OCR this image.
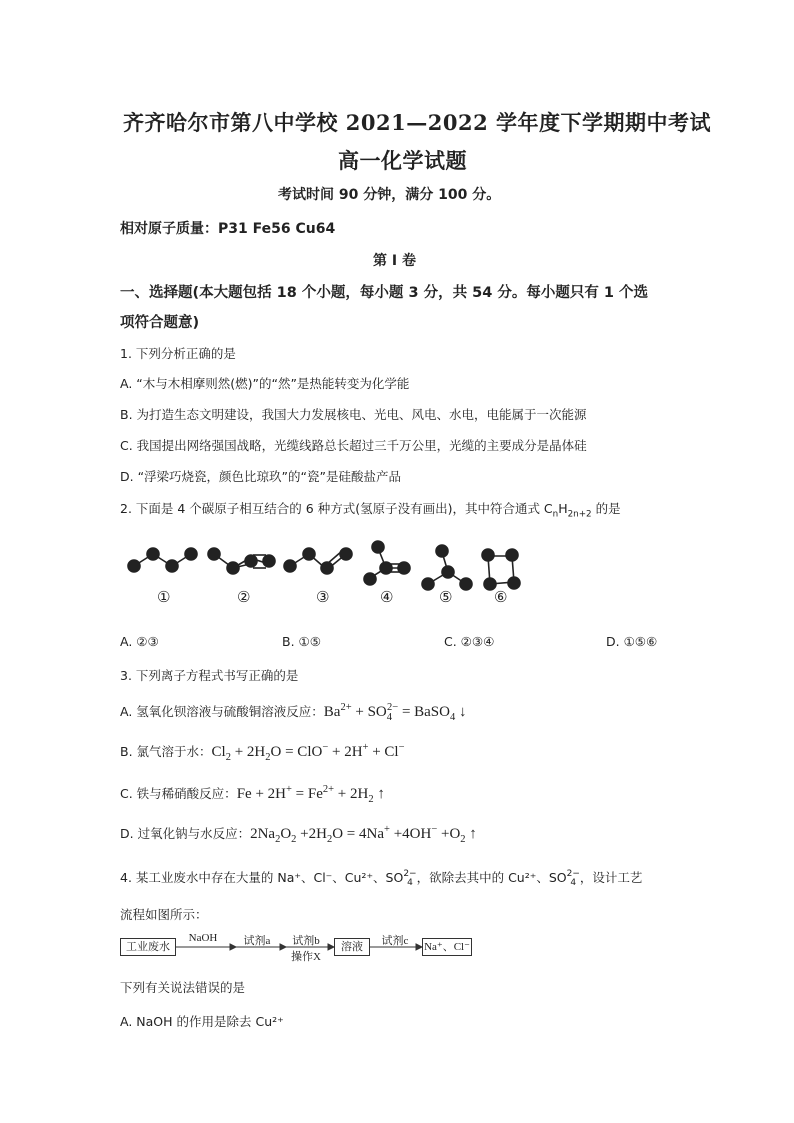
齐齐哈尔市第八中学校 2021—2022 学年度下学期期中考试
高一化学试题
考试时间 90 分钟，满分 100 分。
相对原子质量：P31 Fe56 Cu64
第 I 卷
一、选择题(本大题包括 18 个小题，每小题 3 分，共 54 分。每小题只有 1 个选
项符合题意)
1. 下列分析正确的是
A. “木与木相摩则然(燃)”的“然”是热能转变为化学能
B. 为打造生态文明建设，我国大力发展核电、光电、风电、水电，电能属于一次能源
C. 我国提出网络强国战略，光缆线路总长超过三千万公里，光缆的主要成分是晶体硅
D. “浮梁巧烧瓷，颜色比琼玖”的“瓷”是硅酸盐产品
2. 下面是 4 个碳原子相互结合的 6 种方式(氢原子没有画出)，其中符合通式 $C_nH_{2n+2}$ 的是
①	②	③	④	⑤	⑥
A. ②③	B. ①⑤	C. ②③④	D. ①⑤⑥
3. 下列离子方程式书写正确的是
A. 氢氧化钡溶液与硫酸铜溶液反应：$Ba^{2+} + SO_4^{2-}$ = BaSO$_4$ ↓
B. 氯气溶于水：$Cl_2 + 2H_2O = ClO^- + 2H^+ + Cl^-$
C. 铁与稀硝酸反应：$Fe + 2H^+ = Fe^{2+} + 2H_2$ ↑
D. 过氧化钠与水反应：$2Na_2O_2 +2H_2O = 4Na^+ +4OH^- +O_2$ ↑
4. 某工业废水中存在大量的 Na⁺、Cl⁻、Cu²⁺、SO2−
4 ，欲除去其中的 Cu²⁺、SO2−
4 ，设计工艺
流程如图所示：
工业废水
NaOH	试剂a	试剂b
操作X
溶液	试剂c	Na⁺、Cl⁻
下列有关说法错误的是
A. NaOH 的作用是除去 Cu²⁺
